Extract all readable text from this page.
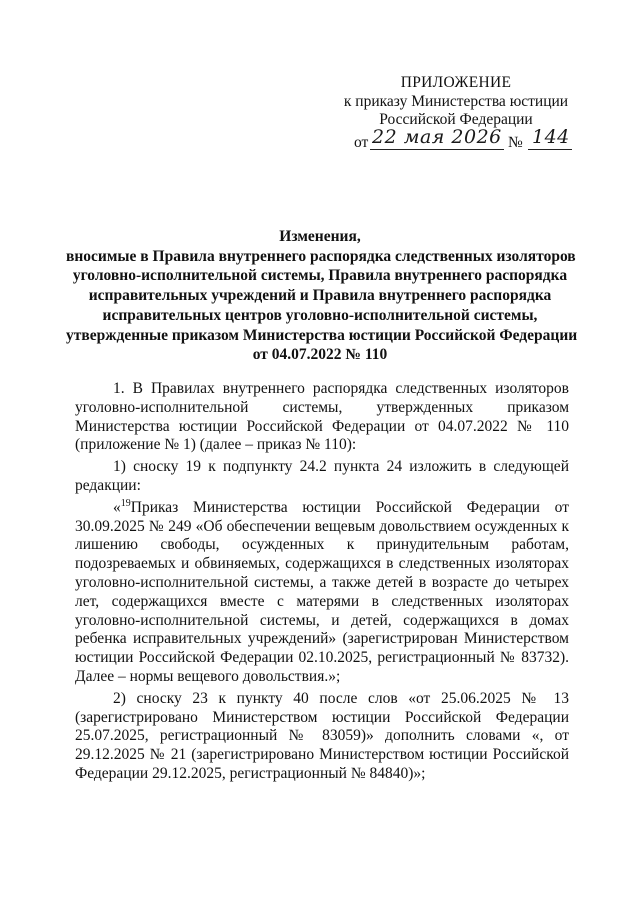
ПРИЛОЖЕНИЕ
к приказу Министерства юстиции
Российской Федерации
от 22 мая 2026 № 144
Изменения,
вносимые в Правила внутреннего распорядка следственных изоляторов
уголовно-исполнительной системы, Правила внутреннего распорядка
исправительных учреждений и Правила внутреннего распорядка
исправительных центров уголовно-исполнительной системы,
утвержденные приказом Министерства юстиции Российской Федерации
от 04.07.2022 № 110

1. В Правилах внутреннего распорядка следственных изоляторов уголовно-исполнительной системы, утвержденных приказом Министерства юстиции Российской Федерации от 04.07.2022 № 110 (приложение № 1) (далее – приказ № 110):

1) сноску 19 к подпункту 24.2 пункта 24 изложить в следующей редакции:

«$^{19}$Приказ Министерства юстиции Российской Федерации от 30.09.2025 № 249 «Об обеспечении вещевым довольствием осужденных к лишению свободы, осужденных к принудительным работам, подозреваемых и обвиняемых, содержащихся в следственных изоляторах уголовно-исполнительной системы, а также детей в возрасте до четырех лет, содержащихся вместе с матерями в следственных изоляторах уголовно-исполнительной системы, и детей, содержащихся в домах ребенка исправительных учреждений» (зарегистрирован Министерством юстиции Российской Федерации 02.10.2025, регистрационный № 83732). Далее – нормы вещевого довольствия.»;

2) сноску 23 к пункту 40 после слов «от 25.06.2025 № 13 (зарегистрировано Министерством юстиции Российской Федерации 25.07.2025, регистрационный № 83059)» дополнить словами «, от 29.12.2025 № 21 (зарегистрировано Министерством юстиции Российской Федерации 29.12.2025, регистрационный № 84840)»;
